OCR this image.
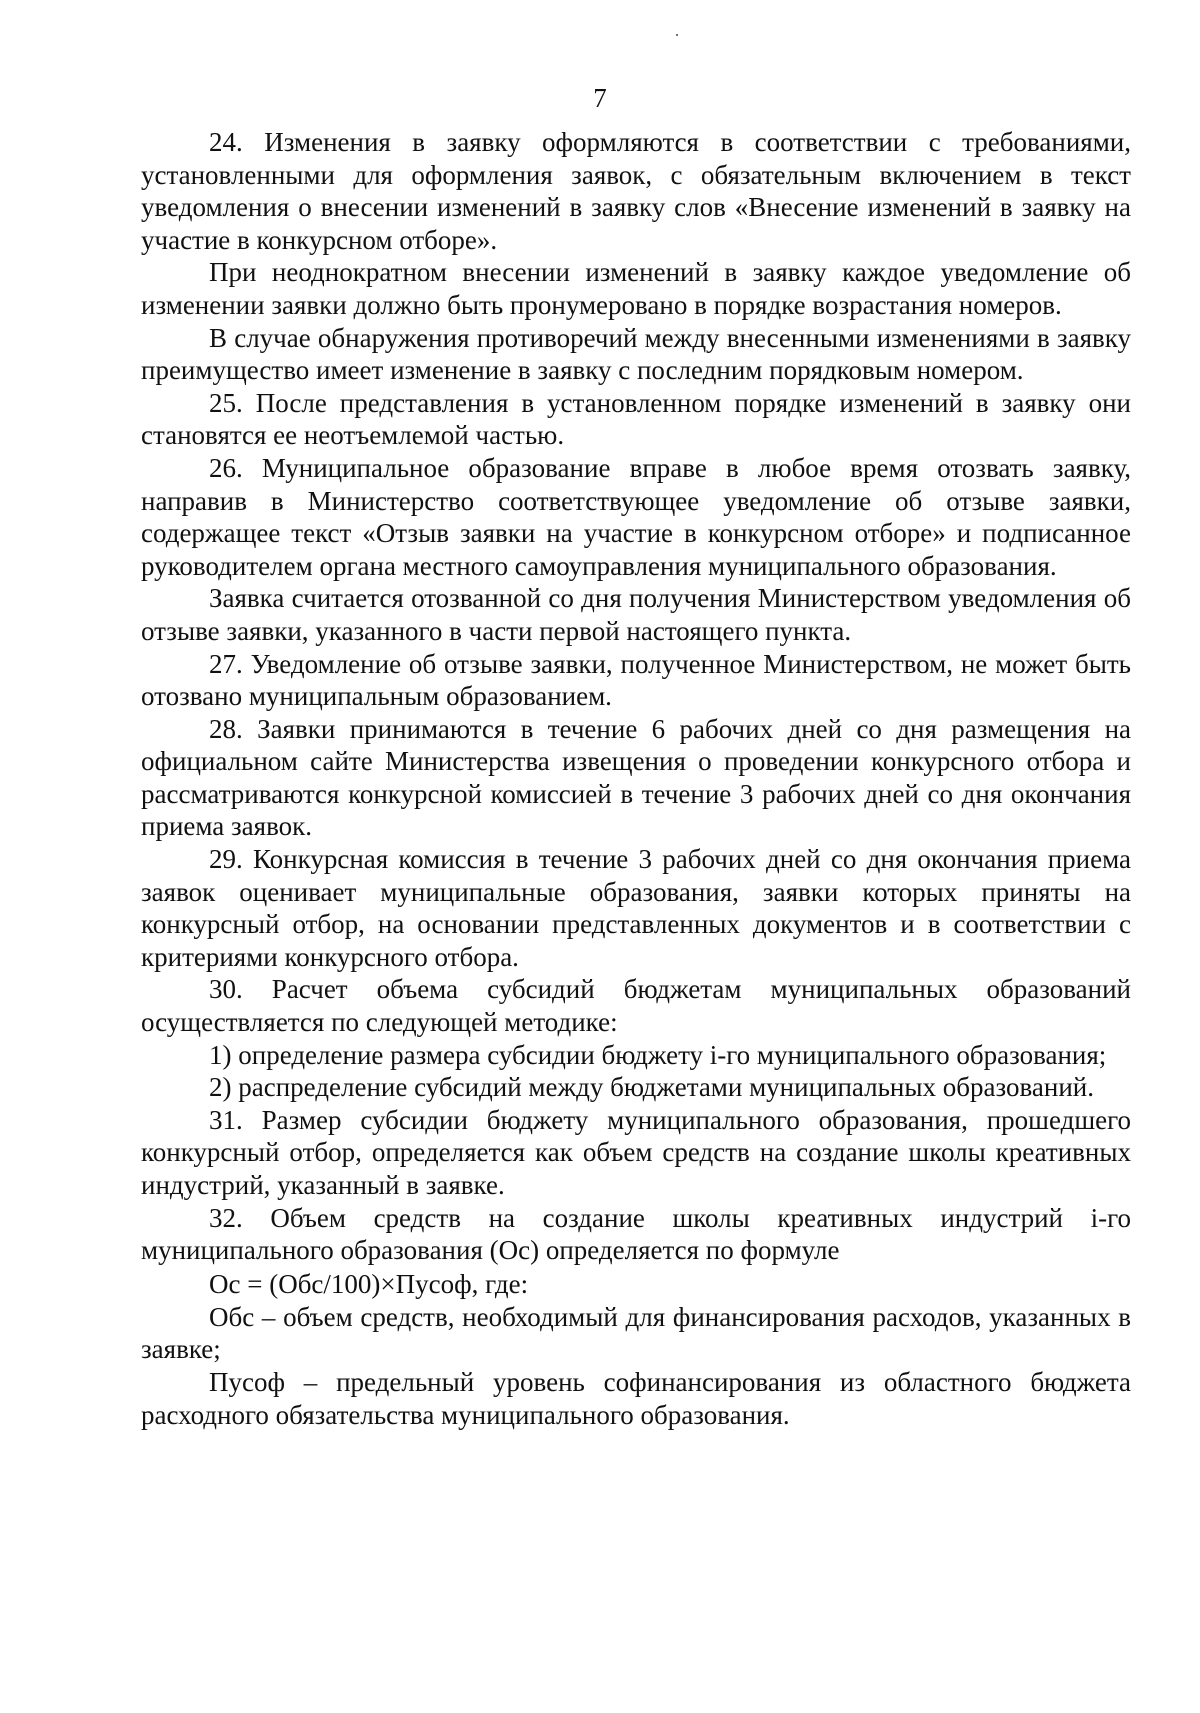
7

24. Изменения в заявку оформляются в соответствии с требованиями, установленными для оформления заявок, с обязательным включением в текст уведомления о внесении изменений в заявку слов «Внесение изменений в заявку на участие в конкурсном отборе».

При неоднократном внесении изменений в заявку каждое уведомление об изменении заявки должно быть пронумеровано в порядке возрастания номеров.

В случае обнаружения противоречий между внесенными изменениями в заявку преимущество имеет изменение в заявку с последним порядковым номером.

25. После представления в установленном порядке изменений в заявку они становятся ее неотъемлемой частью.

26. Муниципальное образование вправе в любое время отозвать заявку, направив в Министерство соответствующее уведомление об отзыве заявки, содержащее текст «Отзыв заявки на участие в конкурсном отборе» и подписанное руководителем органа местного самоуправления муниципального образования.

Заявка считается отозванной со дня получения Министерством уведомления об отзыве заявки, указанного в части первой настоящего пункта.

27. Уведомление об отзыве заявки, полученное Министерством, не может быть отозвано муниципальным образованием.

28. Заявки принимаются в течение 6 рабочих дней со дня размещения на официальном сайте Министерства извещения о проведении конкурсного отбора и рассматриваются конкурсной комиссией в течение 3 рабочих дней со дня окончания приема заявок.

29. Конкурсная комиссия в течение 3 рабочих дней со дня окончания приема заявок оценивает муниципальные образования, заявки которых приняты на конкурсный отбор, на основании представленных документов и в соответствии с критериями конкурсного отбора.

30. Расчет объема субсидий бюджетам муниципальных образований осуществляется по следующей методике:

1) определение размера субсидии бюджету i-го муниципального образования;

2) распределение субсидий между бюджетами муниципальных образований.

31. Размер субсидии бюджету муниципального образования, прошедшего конкурсный отбор, определяется как объем средств на создание школы креативных индустрий, указанный в заявке.

32. Объем средств на создание школы креативных индустрий i-го муниципального образования (Ос) определяется по формуле

Ос = (Обс/100)×Пусоф, где:

Обс – объем средств, необходимый для финансирования расходов, указанных в заявке;

Пусоф – предельный уровень софинансирования из областного бюджета расходного обязательства муниципального образования.
